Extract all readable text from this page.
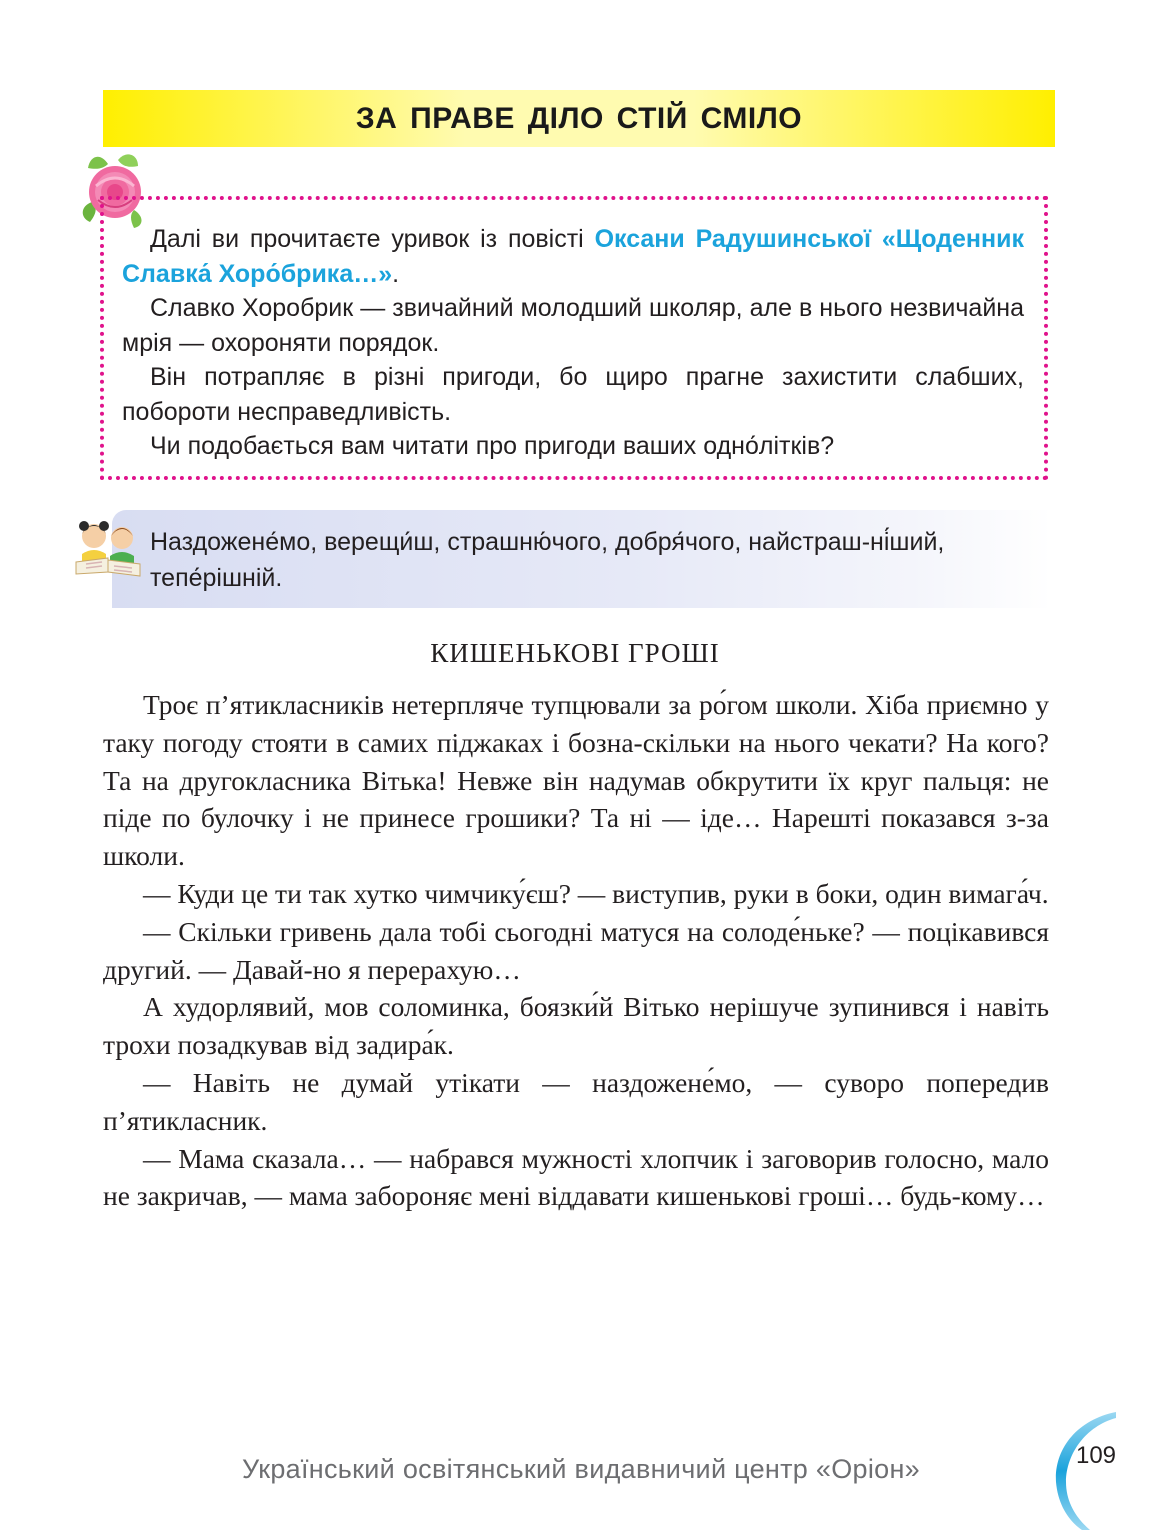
ЗА ПРАВЕ ДІЛО СТІЙ СМІЛО

Далі ви прочитаєте уривок із повісті Оксани Радушинської «Щоденник Славка́ Хоро́брика…».

Славко Хоробрик — звичайний молодший школяр, але в нього незвичайна мрія — охороняти порядок.

Він потрапляє в різні пригоди, бо щиро прагне захистити слабших, побороти несправедливість.

Чи подобається вам читати про пригоди ваших одно́літків?

Наздожене́мо, верещи́ш, страшню́чого, добря́чого, найстраш-ні́ший, тепе́рішній.
КИШЕНЬКОВІ ГРОШІ

Троє п’ятикласників нетерпляче тупцювали за ро́гом школи. Хіба приємно у таку погоду стояти в самих піджаках і бозна-скільки на нього чекати? На кого? Та на другокласника Вітька! Невже він надумав обкрутити їх круг пальця: не піде по булочку і не принесе грошики? Та ні — іде… Нарешті показався з-за школи.

— Куди це ти так хутко чимчику́єш? — виступив, руки в боки, один вимага́ч.

— Скільки гривень дала тобі сьогодні матуся на солоде́ньке? — поцікавився другий. — Давай-но я перерахую…

А худорлявий, мов соломинка, боязки́й Вітько нерішуче зупинився і навіть трохи позадкував від задира́к.

— Навіть не думай утікати — наздожене́мо, — суворо попередив п’ятикласник.

— Мама сказала… — набрався мужності хлопчик і заговорив голосно, мало не закричав, — мама забороняє мені віддавати кишенькові гроші… будь-кому…

Український освітянський видавничий центр «Оріон»	109
